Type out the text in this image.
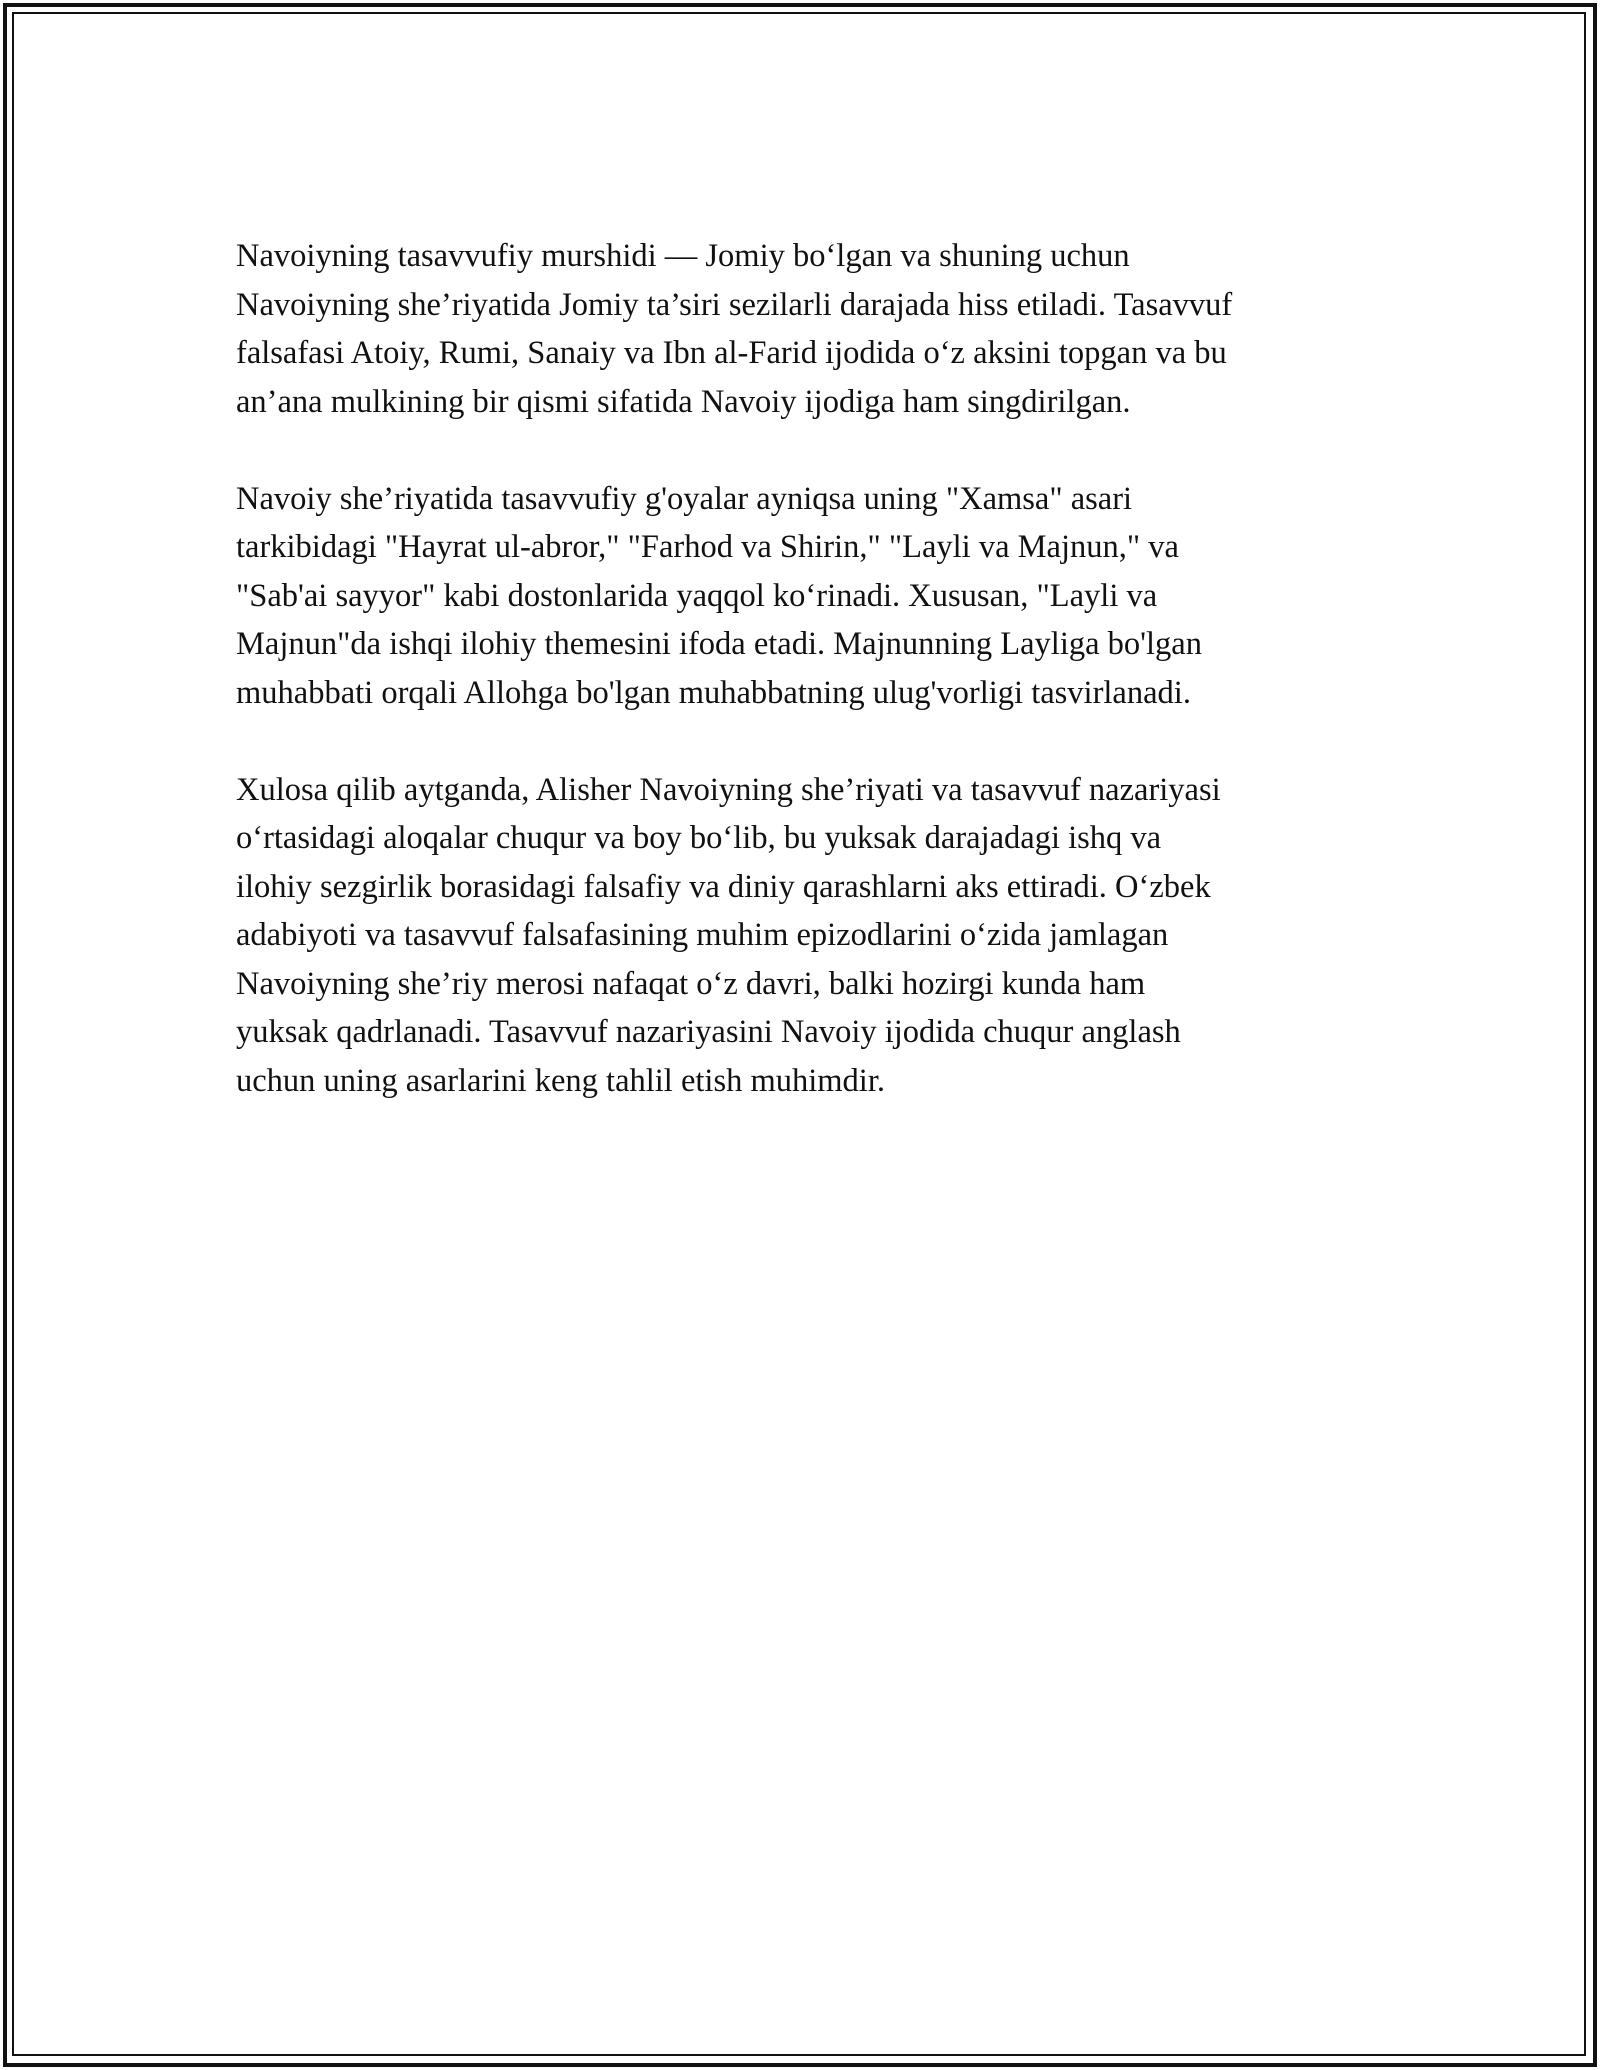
Navoiyning tasavvufiy murshidi — Jomiy bo‘lgan va shuning uchun
Navoiyning she’riyatida Jomiy ta’siri sezilarli darajada hiss etiladi. Tasavvuf
falsafasi Atoiy, Rumi, Sanaiy va Ibn al-Farid ijodida o‘z aksini topgan va bu
an’ana mulkining bir qismi sifatida Navoiy ijodiga ham singdirilgan.

Navoiy she’riyatida tasavvufiy g'oyalar ayniqsa uning "Xamsa" asari
tarkibidagi "Hayrat ul-abror," "Farhod va Shirin," "Layli va Majnun," va
"Sab'ai sayyor" kabi dostonlarida yaqqol ko‘rinadi. Xususan, "Layli va
Majnun"da ishqi ilohiy themesini ifoda etadi. Majnunning Layliga bo'lgan
muhabbati orqali Allohga bo'lgan muhabbatning ulug'vorligi tasvirlanadi.

Xulosa qilib aytganda, Alisher Navoiyning she’riyati va tasavvuf nazariyasi
o‘rtasidagi aloqalar chuqur va boy bo‘lib, bu yuksak darajadagi ishq va
ilohiy sezgirlik borasidagi falsafiy va diniy qarashlarni aks ettiradi. O‘zbek
adabiyoti va tasavvuf falsafasining muhim epizodlarini o‘zida jamlagan
Navoiyning she’riy merosi nafaqat o‘z davri, balki hozirgi kunda ham
yuksak qadrlanadi. Tasavvuf nazariyasini Navoiy ijodida chuqur anglash
uchun uning asarlarini keng tahlil etish muhimdir.
